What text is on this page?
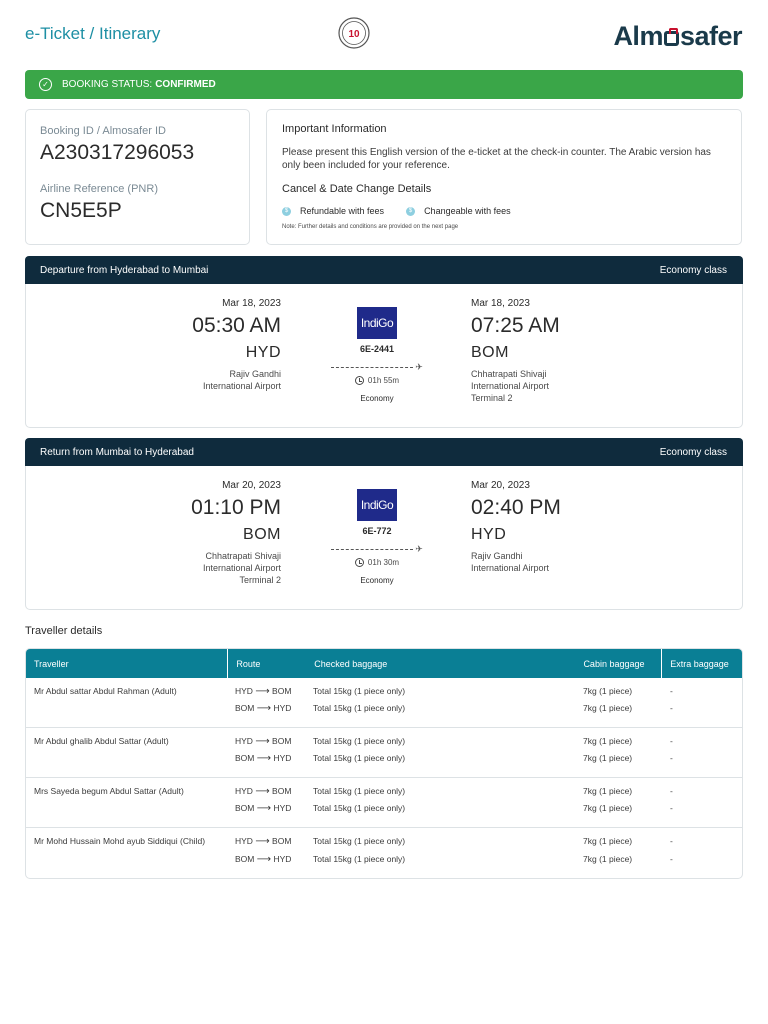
e-Ticket / Itinerary	10	Alm safer
✓	BOOKING STATUS: CONFIRMED
Booking ID / Almosafer ID
A230317296053
Airline Reference (PNR)
CN5E5P
Important Information

Please present this English version of the e-ticket at the check-in counter. The Arabic version has only been included for your reference.

Cancel & Date Change Details
$	Refundable with fees	$	Changeable with fees
Note: Further details and conditions are provided on the next page
Departure from Hyderabad to Mumbai	Economy class
Mar 18, 2023
05:30 AM
HYD
Rajiv Gandhi
International Airport
IndiGo
6E-2441
✈
01h 55m
Economy
Mar 18, 2023
07:25 AM
BOM
Chhatrapati Shivaji
International Airport
Terminal 2
Return from Mumbai to Hyderabad	Economy class
Mar 20, 2023
01:10 PM
BOM
Chhatrapati Shivaji
International Airport
Terminal 2
IndiGo
6E-772
✈
01h 30m
Economy
Mar 20, 2023
02:40 PM
HYD
Rajiv Gandhi
International Airport
Traveller details
Traveller	Route	Checked baggage	Cabin baggage	Extra baggage
Mr Abdul sattar Abdul Rahman (Adult)	HYD ⟶ BOM	Total 15kg (1 piece only)	7kg (1 piece)	-
BOM ⟶ HYD	Total 15kg (1 piece only)	7kg (1 piece)	-
Mr Abdul ghalib Abdul Sattar (Adult)	HYD ⟶ BOM	Total 15kg (1 piece only)	7kg (1 piece)	-
BOM ⟶ HYD	Total 15kg (1 piece only)	7kg (1 piece)	-
Mrs Sayeda begum Abdul Sattar (Adult)	HYD ⟶ BOM	Total 15kg (1 piece only)	7kg (1 piece)	-
BOM ⟶ HYD	Total 15kg (1 piece only)	7kg (1 piece)	-
Mr Mohd Hussain Mohd ayub Siddiqui (Child)	HYD ⟶ BOM	Total 15kg (1 piece only)	7kg (1 piece)	-
BOM ⟶ HYD	Total 15kg (1 piece only)	7kg (1 piece)	-
